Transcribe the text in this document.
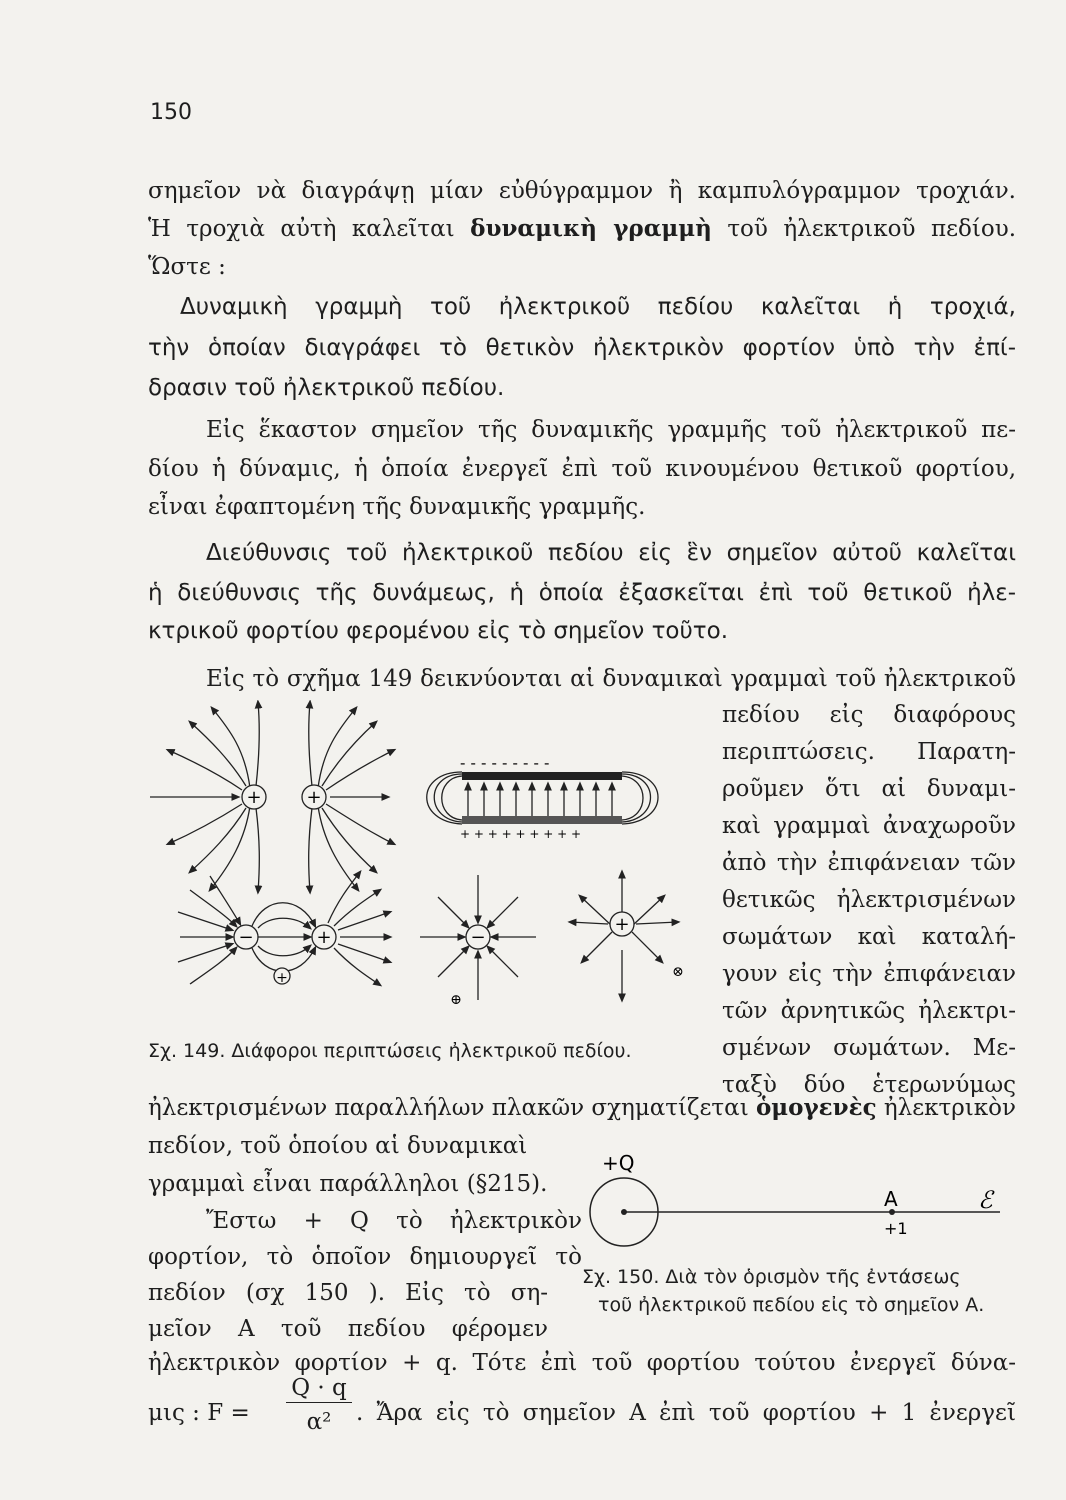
150
σημεῖον νὰ διαγράψῃ μίαν εὐθύγραμμον ἢ καμπυλόγραμμον τροχιάν.
Ἡ τροχιὰ αὐτὴ καλεῖται δυναμικὴ γραμμὴ τοῦ ἠλεκτρικοῦ πεδίου.
Ὥστε :
Δυναμικὴ γραμμὴ τοῦ ἠλεκτρικοῦ πεδίου καλεῖται ἡ τροχιά,
τὴν ὁποίαν διαγράφει τὸ θετικὸν ἠλεκτρικὸν φορτίον ὑπὸ τὴν ἐπί-
δρασιν τοῦ ἠλεκτρικοῦ πεδίου.
Εἰς ἕκαστον σημεῖον τῆς δυναμικῆς γραμμῆς τοῦ ἠλεκτρικοῦ πε-
δίου ἡ δύναμις, ἡ ὁποία ἐνεργεῖ ἐπὶ τοῦ κινουμένου θετικοῦ φορτίου,
εἶναι ἐφαπτομένη τῆς δυναμικῆς γραμμῆς.
Διεύθυνσις τοῦ ἠλεκτρικοῦ πεδίου εἰς ἓν σημεῖον αὐτοῦ καλεῖται
ἡ διεύθυνσις τῆς δυνάμεως, ἡ ὁποία ἐξασκεῖται ἐπὶ τοῦ θετικοῦ ἠλε-
κτρικοῦ φορτίου φερομένου εἰς τὸ σημεῖον τοῦτο.
Εἰς τὸ σχῆμα 149 δεικνύονται αἱ δυναμικαὶ γραμμαὶ τοῦ ἠλεκτρικοῦ
πεδίου εἰς διαφόρους
περιπτώσεις. Παρατη-
ροῦμεν ὅτι αἱ δυναμι-
καὶ γραμμαὶ ἀναχωροῦν
ἀπὸ τὴν ἐπιφάνειαν τῶν
θετικῶς ἠλεκτρισμένων
σωμάτων καὶ καταλή-
γουν εἰς τὴν ἐπιφάνειαν
τῶν ἀρνητικῶς ἠλεκτρι-
σμένων σωμάτων. Με-
ταξὺ δύο ἑτερωνύμως
+ +
- - - - - - - - -
+ + + + + + + + +
−	+
+
−
⊕
+
⊗
Σχ. 149. Διάφοροι περιπτώσεις ἠλεκτρικοῦ πεδίου.
ἠλεκτρισμένων παραλλήλων πλακῶν σχηματίζεται ὁμογενὲς ἠλεκτρικὸν
πεδίον, τοῦ ὁποίου αἱ δυναμικαὶ
γραμμαὶ εἶναι παράλληλοι (§215).
Ἔστω + Q τὸ ἠλεκτρικὸν
φορτίον, τὸ ὁποῖον δημιουργεῖ τὸ
πεδίον (σχ 150 ). Εἰς τὸ ση-
μεῖον Α τοῦ πεδίου φέρομεν
+Q
A	ℰ
+1
Σχ. 150. Διὰ τὸν ὁρισμὸν τῆς ἐντάσεως
τοῦ ἠλεκτρικοῦ πεδίου εἰς τὸ σημεῖον Α.
ἠλεκτρικὸν φορτίον + q. Τότε ἐπὶ τοῦ φορτίου τούτου ἐνεργεῖ δύνα-
μις : F =
Q · q
α²	. Ἄρα εἰς τὸ σημεῖον Α ἐπὶ τοῦ φορτίου + 1 ἐνεργεῖ
